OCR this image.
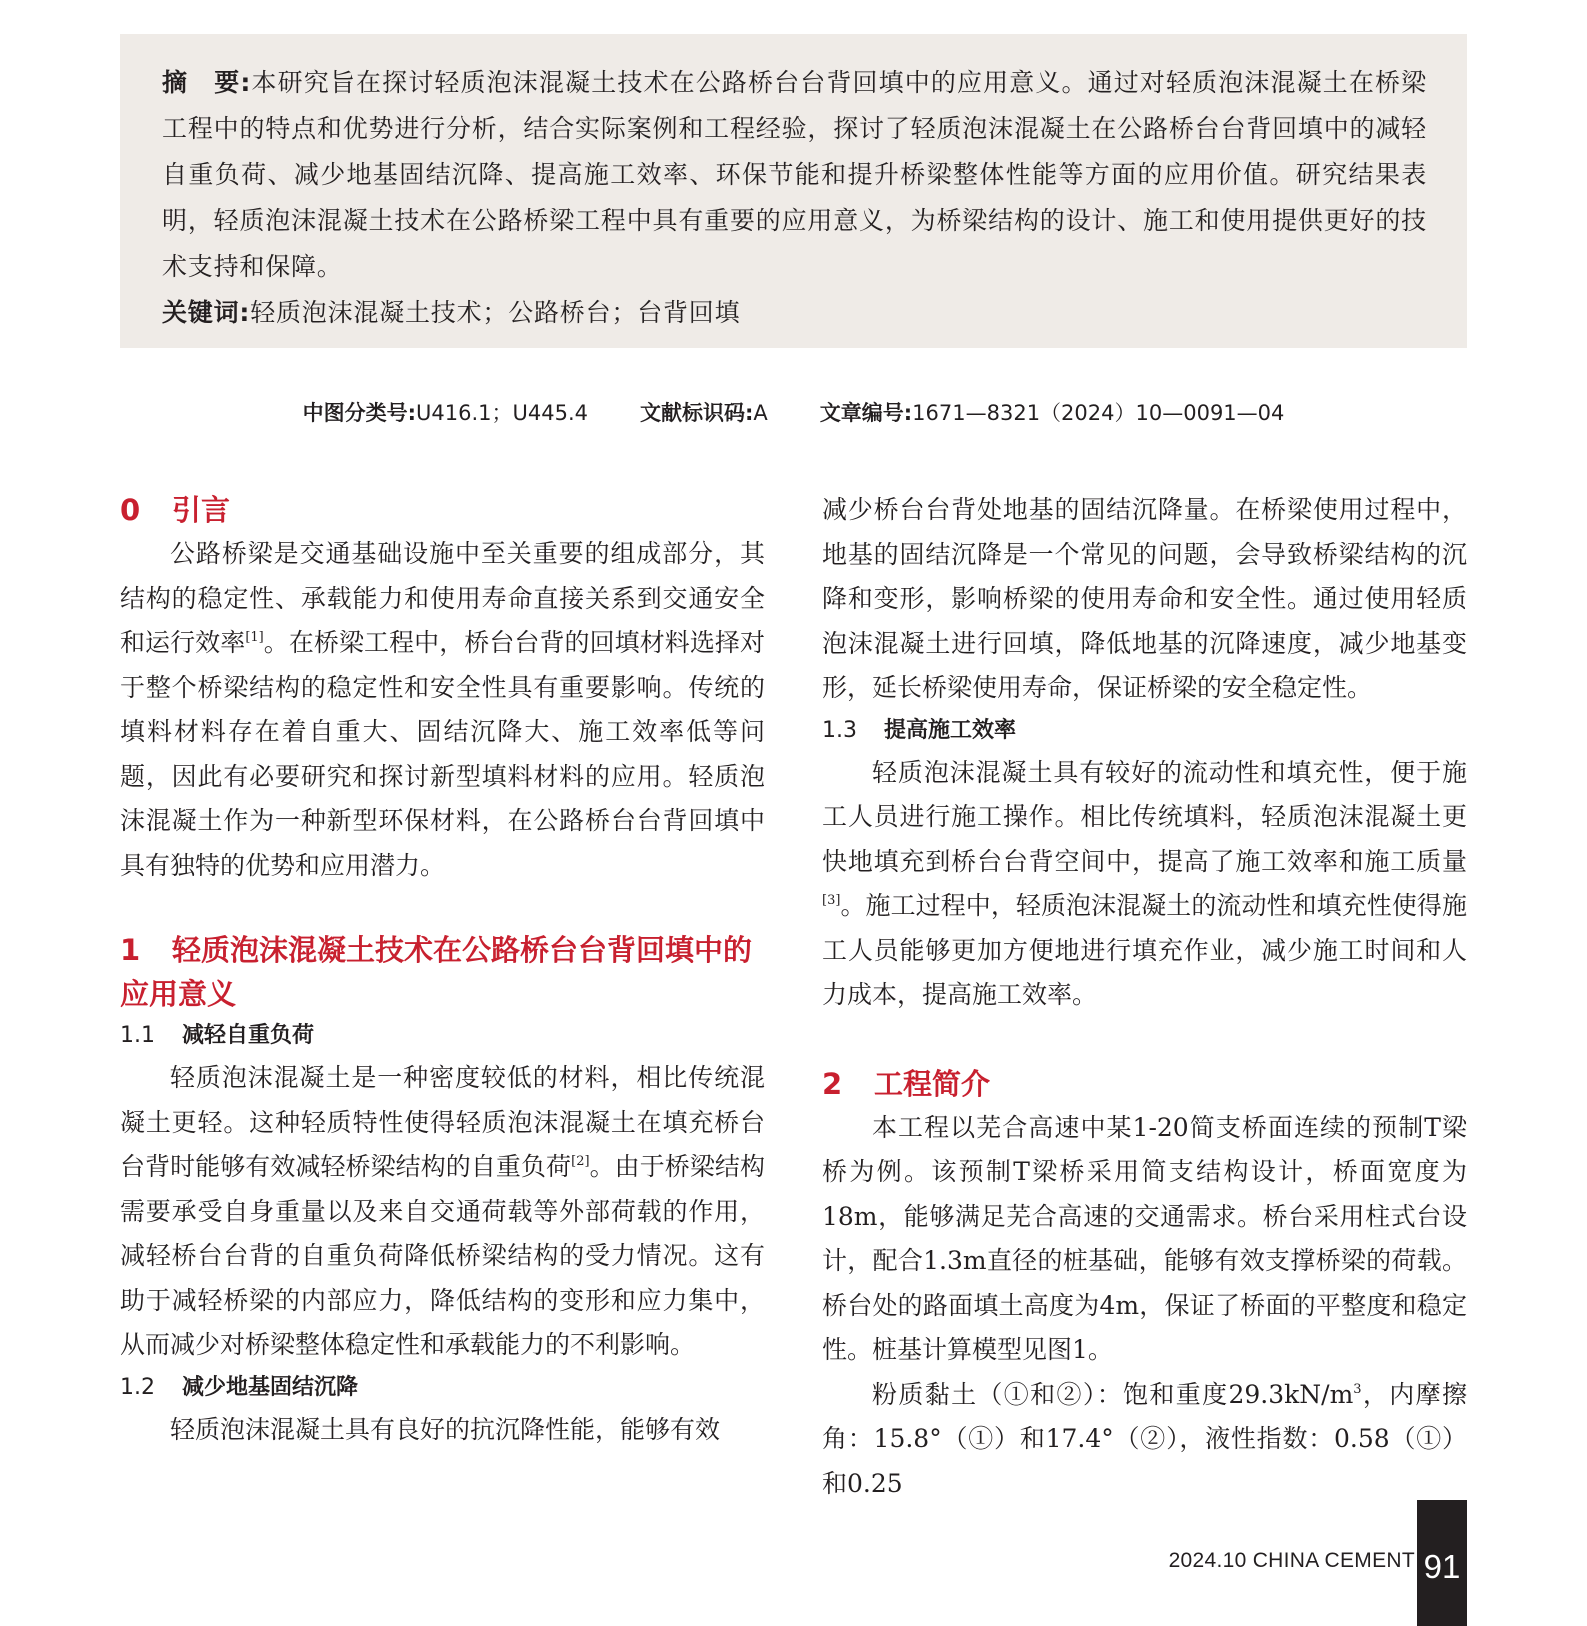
摘　要:本研究旨在探讨轻质泡沫混凝土技术在公路桥台台背回填中的应用意义。通过对轻质泡沫混凝土在桥梁工程中的特点和优势进行分析，结合实际案例和工程经验，探讨了轻质泡沫混凝土在公路桥台台背回填中的减轻自重负荷、减少地基固结沉降、提高施工效率、环保节能和提升桥梁整体性能等方面的应用价值。研究结果表明，轻质泡沫混凝土技术在公路桥梁工程中具有重要的应用意义，为桥梁结构的设计、施工和使用提供更好的技术支持和保障。

关键词:轻质泡沫混凝土技术；公路桥台；台背回填

中图分类号:U416.1；U445.4 文献标识码:A 文章编号:1671—8321（2024）10—0091—04
0 引言

公路桥梁是交通基础设施中至关重要的组成部分，其结构的稳定性、承载能力和使用寿命直接关系到交通安全和运行效率[1]。在桥梁工程中，桥台台背的回填材料选择对于整个桥梁结构的稳定性和安全性具有重要影响。传统的填料材料存在着自重大、固结沉降大、施工效率低等问题，因此有必要研究和探讨新型填料材料的应用。轻质泡沫混凝土作为一种新型环保材料，在公路桥台台背回填中具有独特的优势和应用潜力。

1 轻质泡沫混凝土技术在公路桥台台背回填中的应用意义
1.1 减轻自重负荷

轻质泡沫混凝土是一种密度较低的材料，相比传统混凝土更轻。这种轻质特性使得轻质泡沫混凝土在填充桥台台背时能够有效减轻桥梁结构的自重负荷[2]。由于桥梁结构需要承受自身重量以及来自交通荷载等外部荷载的作用，减轻桥台台背的自重负荷降低桥梁结构的受力情况。这有助于减轻桥梁的内部应力，降低结构的变形和应力集中，从而减少对桥梁整体稳定性和承载能力的不利影响。

1.2 减少地基固结沉降

轻质泡沫混凝土具有良好的抗沉降性能，能够有效

减少桥台台背处地基的固结沉降量。在桥梁使用过程中，地基的固结沉降是一个常见的问题，会导致桥梁结构的沉降和变形，影响桥梁的使用寿命和安全性。通过使用轻质泡沫混凝土进行回填，降低地基的沉降速度，减少地基变形，延长桥梁使用寿命，保证桥梁的安全稳定性。

1.3 提高施工效率

轻质泡沫混凝土具有较好的流动性和填充性，便于施工人员进行施工操作。相比传统填料，轻质泡沫混凝土更快地填充到桥台台背空间中，提高了施工效率和施工质量[3]。施工过程中，轻质泡沫混凝土的流动性和填充性使得施工人员能够更加方便地进行填充作业，减少施工时间和人力成本，提高施工效率。

2 工程简介

本工程以芜合高速中某1-20简支桥面连续的预制T梁桥为例。该预制T梁桥采用简支结构设计，桥面宽度为18m，能够满足芜合高速的交通需求。桥台采用柱式台设计，配合1.3m直径的桩基础，能够有效支撑桥梁的荷载。桥台处的路面填土高度为4m，保证了桥面的平整度和稳定性。桩基计算模型见图1。

粉质黏土（①和②）：饱和重度$29.3kN/m^3$，内摩擦角：15.8°（①）和17.4°（②），液性指数：0.58（①）和0.25

2024.10 CHINA CEMENT 91
